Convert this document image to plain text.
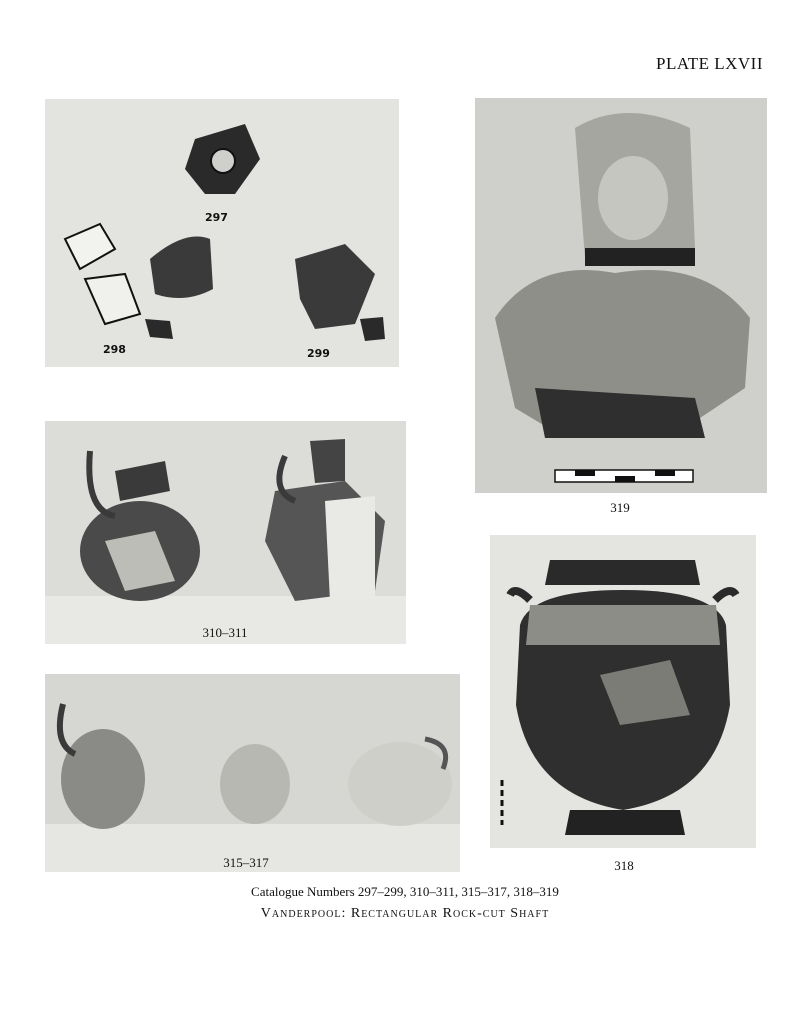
PLATE LXVII
297
298	299
310–311
315–317
319
318
Catalogue Numbers 297–299, 310–311, 315–317, 318–319
Vanderpool: Rectangular Rock-cut Shaft
